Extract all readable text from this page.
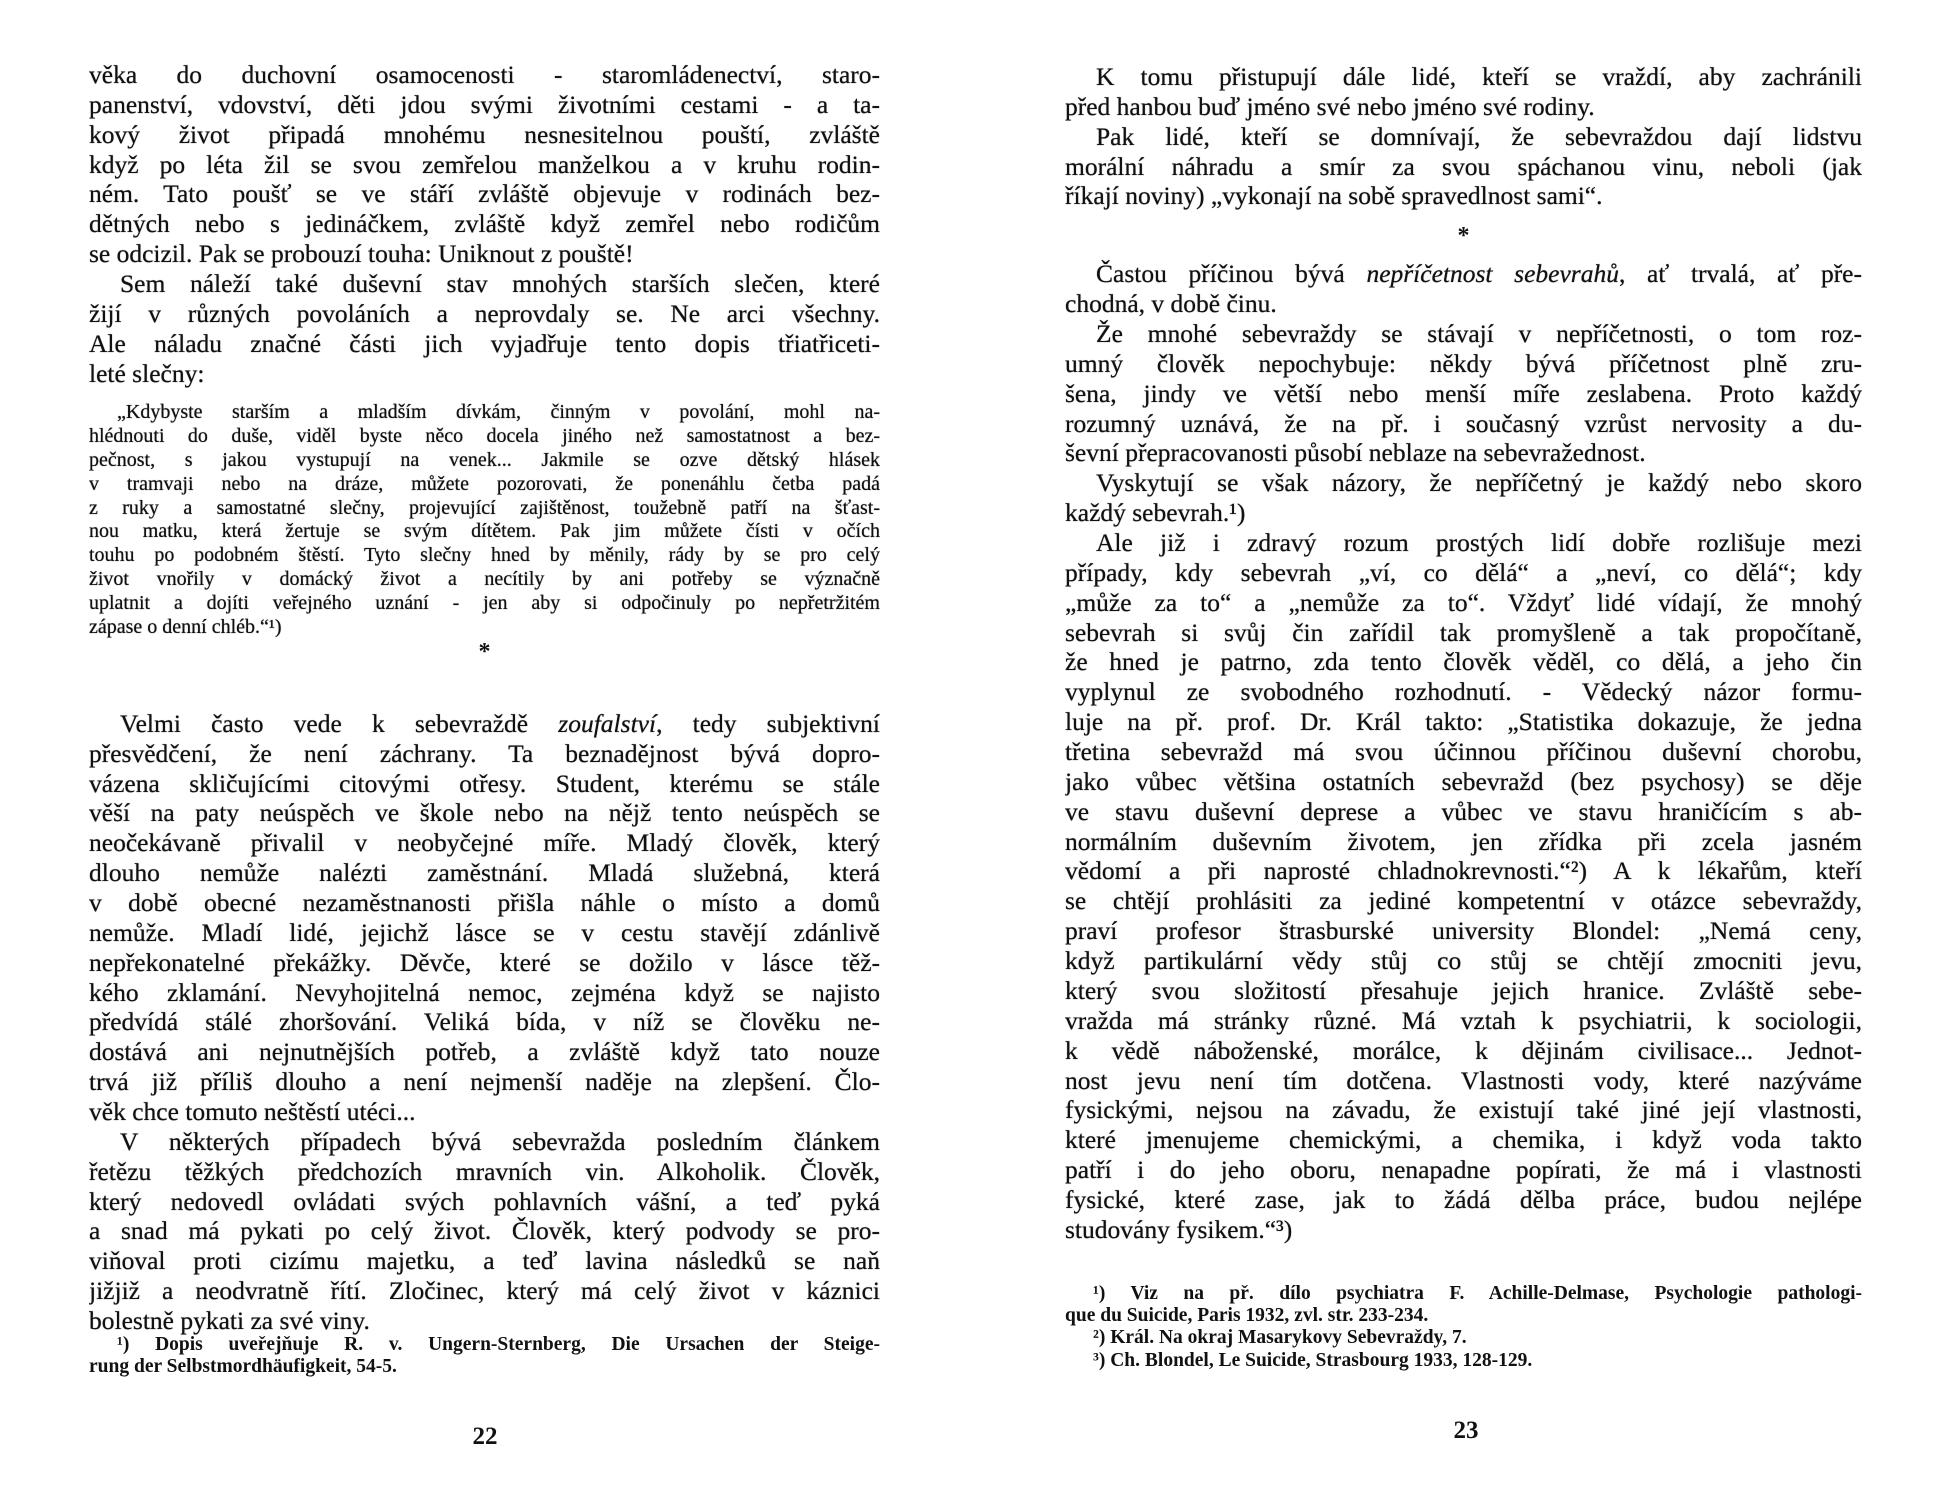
věka do duchovní osamocenosti - staromládenectví, staro-
panenství, vdovství, děti jdou svými životními cestami - a ta-
kový život připadá mnohému nesnesitelnou pouští, zvláště
když po léta žil se svou zemřelou manželkou a v kruhu rodin-
ném. Tato poušť se ve stáří zvláště objevuje v rodinách bez-
dětných nebo s jedináčkem, zvláště když zemřel nebo rodičům
se odcizil. Pak se probouzí touha: Uniknout z pouště!
Sem náleží také duševní stav mnohých starších slečen, které
žijí v různých povoláních a neprovdaly se. Ne arci všechny.
Ale náladu značné části jich vyjadřuje tento dopis třiatřiceti-
leté slečny:
„Kdybyste starším a mladším dívkám, činným v povolání, mohl na-
hlédnouti do duše, viděl byste něco docela jiného než samostatnost a bez-
pečnost, s jakou vystupují na venek... Jakmile se ozve dětský hlásek
v tramvaji nebo na dráze, můžete pozorovati, že ponenáhlu četba padá
z ruky a samostatné slečny, projevující zajištěnost, toužebně patří na šťast-
nou matku, která žertuje se svým dítětem. Pak jim můžete čísti v očích
touhu po podobném štěstí. Tyto slečny hned by měnily, rády by se pro celý
život vnořily v domácký život a necítily by ani potřeby se význačně
uplatnit a dojíti veřejného uznání - jen aby si odpočinuly po nepřetržitém
zápase o denní chléb.“¹)
*
Velmi často vede k sebevraždě zoufalství, tedy subjektivní
přesvědčení, že není záchrany. Ta beznadějnost bývá dopro-
vázena skličujícími citovými otřesy. Student, kterému se stále
věší na paty neúspěch ve škole nebo na nějž tento neúspěch se
neočekávaně přivalil v neobyčejné míře. Mladý člověk, který
dlouho nemůže nalézti zaměstnání. Mladá služebná, která
v době obecné nezaměstnanosti přišla náhle o místo a domů
nemůže. Mladí lidé, jejichž lásce se v cestu stavějí zdánlivě
nepřekonatelné překážky. Děvče, které se dožilo v lásce těž-
kého zklamání. Nevyhojitelná nemoc, zejména když se najisto
předvídá stálé zhoršování. Veliká bída, v níž se člověku ne-
dostává ani nejnutnějších potřeb, a zvláště když tato nouze
trvá již příliš dlouho a není nejmenší naděje na zlepšení. Člo-
věk chce tomuto neštěstí utéci...
V některých případech bývá sebevražda posledním článkem
řetězu těžkých předchozích mravních vin. Alkoholik. Člověk,
který nedovedl ovládati svých pohlavních vášní, a teď pyká
a snad má pykati po celý život. Člověk, který podvody se pro-
viňoval proti cizímu majetku, a teď lavina následků se naň
jižjiž a neodvratně řítí. Zločinec, který má celý život v káznici
bolestně pykati za své viny.
¹) Dopis uveřejňuje R. v. Ungern-Sternberg, Die Ursachen der Steige-
rung der Selbstmordhäufigkeit, 54-5.
22
K tomu přistupují dále lidé, kteří se vraždí, aby zachránili
před hanbou buď jméno své nebo jméno své rodiny.
Pak lidé, kteří se domnívají, že sebevraždou dají lidstvu
morální náhradu a smír za svou spáchanou vinu, neboli (jak
říkají noviny) „vykonají na sobě spravedlnost sami“.
*
Častou příčinou bývá nepříčetnost sebevrahů, ať trvalá, ať pře-
chodná, v době činu.
Že mnohé sebevraždy se stávají v nepříčetnosti, o tom roz-
umný člověk nepochybuje: někdy bývá příčetnost plně zru-
šena, jindy ve větší nebo menší míře zeslabena. Proto každý
rozumný uznává, že na př. i současný vzrůst nervosity a du-
ševní přepracovanosti působí neblaze na sebevražednost.
Vyskytují se však názory, že nepříčetný je každý nebo skoro
každý sebevrah.¹)
Ale již i zdravý rozum prostých lidí dobře rozlišuje mezi
případy, kdy sebevrah „ví, co dělá“ a „neví, co dělá“; kdy
„může za to“ a „nemůže za to“. Vždyť lidé vídají, že mnohý
sebevrah si svůj čin zařídil tak promyšleně a tak propočítaně,
že hned je patrno, zda tento člověk věděl, co dělá, a jeho čin
vyplynul ze svobodného rozhodnutí. - Vědecký názor formu-
luje na př. prof. Dr. Král takto: „Statistika dokazuje, že jedna
třetina sebevražd má svou účinnou příčinou duševní chorobu,
jako vůbec většina ostatních sebevražd (bez psychosy) se děje
ve stavu duševní deprese a vůbec ve stavu hraničícím s ab-
normálním duševním životem, jen zřídka při zcela jasném
vědomí a při naprosté chladnokrevnosti.“²) A k lékařům, kteří
se chtějí prohlásiti za jediné kompetentní v otázce sebevraždy,
praví profesor štrasburské university Blondel: „Nemá ceny,
když partikulární vědy stůj co stůj se chtějí zmocniti jevu,
který svou složitostí přesahuje jejich hranice. Zvláště sebe-
vražda má stránky různé. Má vztah k psychiatrii, k sociologii,
k vědě náboženské, morálce, k dějinám civilisace... Jednot-
nost jevu není tím dotčena. Vlastnosti vody, které nazýváme
fysickými, nejsou na závadu, že existují také jiné její vlastnosti,
které jmenujeme chemickými, a chemika, i když voda takto
patří i do jeho oboru, nenapadne popírati, že má i vlastnosti
fysické, které zase, jak to žádá dělba práce, budou nejlépe
studovány fysikem.“³)
¹) Viz na př. dílo psychiatra F. Achille-Delmase, Psychologie pathologi-
que du Suicide, Paris 1932, zvl. str. 233-234.
²) Král. Na okraj Masarykovy Sebevraždy, 7.
³) Ch. Blondel, Le Suicide, Strasbourg 1933, 128-129.
23
